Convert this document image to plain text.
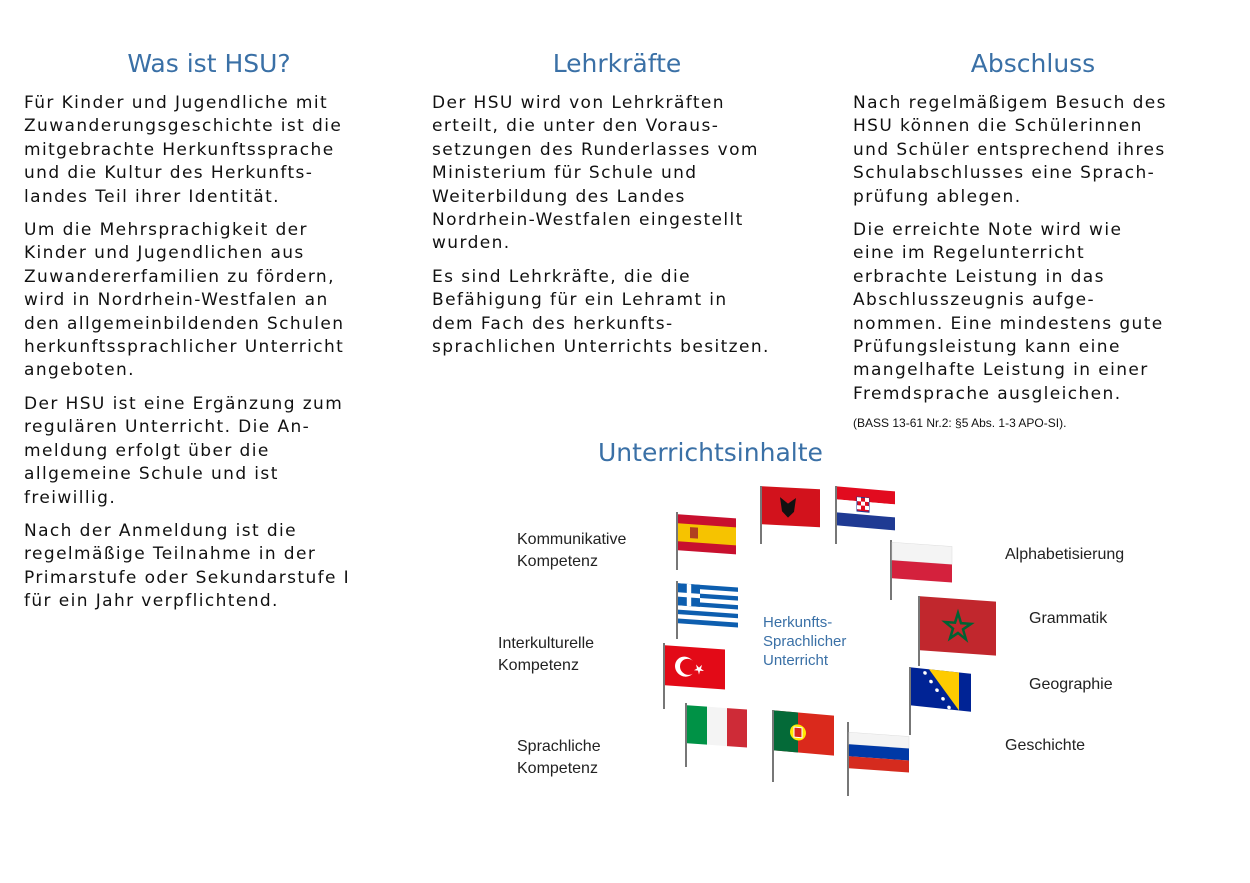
Was ist HSU?

Für Kinder und Jugendliche mit
Zuwanderungsgeschichte ist die
mitgebrachte Herkunftssprache
und die Kultur des Herkunfts-
landes Teil ihrer Identität.

Um die Mehrsprachigkeit der
Kinder und Jugendlichen aus
Zuwandererfamilien zu fördern,
wird in Nordrhein-Westfalen an
den allgemeinbildenden Schulen
herkunftssprachlicher Unterricht
angeboten.

Der HSU ist eine Ergänzung zum
regulären Unterricht. Die An-
meldung erfolgt über die
allgemeine Schule und ist
freiwillig.

Nach der Anmeldung ist die
regelmäßige Teilnahme in der
Primarstufe oder Sekundarstufe I
für ein Jahr verpflichtend.

Lehrkräfte

Der HSU wird von Lehrkräften
erteilt, die unter den Voraus-
setzungen des Runderlasses vom
Ministerium für Schule und
Weiterbildung des Landes
Nordrhein-Westfalen eingestellt
wurden.

Es sind Lehrkräfte, die die
Befähigung für ein Lehramt in
dem Fach des herkunfts-
sprachlichen Unterrichts besitzen.

Abschluss

Nach regelmäßigem Besuch des
HSU können die Schülerinnen
und Schüler entsprechend ihres
Schulabschlusses eine Sprach-
prüfung ablegen.

Die erreichte Note wird wie
eine im Regelunterricht
erbrachte Leistung in das
Abschlusszeugnis aufge-
nommen. Eine mindestens gute
Prüfungsleistung kann eine
mangelhafte Leistung in einer
Fremdsprache ausgleichen.

(BASS 13-61 Nr.2: §5 Abs. 1-3 APO-SI).
Unterrichtsinhalte
Kommunikative
Kompetenz
Interkulturelle
Kompetenz
Sprachliche
Kompetenz
Alphabetisierung
Grammatik
Geographie
Geschichte
Herkunfts-
Sprachlicher
Unterricht
